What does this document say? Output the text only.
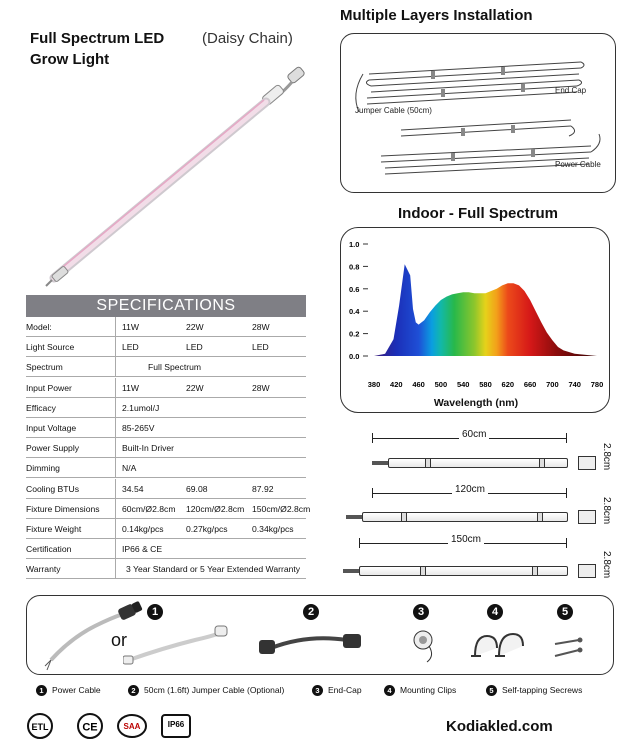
Full Spectrum LED
Grow Light
(Daisy Chain)
Multiple Layers Installation
Jumper Cable (50cm)
End Cap
Power Cable
Indoor - Full Spectrum
0.0
0.2
0.4
0.6
0.8
1.0
380 420 460 500 540 580 620 660 700 740 780
Wavelength (nm)
60cm
2.8cm
120cm
2.8cm
150cm
2.8cm
SPECIFICATIONS
Model:	11W	22W	28W
Light Source	LED	LED	LED
Spectrum	Full Spectrum
Input Power	11W	22W	28W
Efficacy	2.1umol/J
Input Voltage	85-265V
Power Supply	Built-In Driver
Dimming	N/A
Cooling BTUs	34.54	69.08	87.92
Fixture Dimensions	60cm/Ø2.8cm 120cm/Ø2.8cm 150cm/Ø2.8cm
Fixture Weight	0.14kg/pcs	0.27kg/pcs	0.34kg/pcs
Certification	IP66 & CE
Warranty	3 Year Standard or 5 Year Extended Warranty
or
1	2	3	4	5
1 Power Cable	2 50cm (1.6ft) Jumper Cable (Optional)	3 End-Cap	4 Mounting Clips	5 Self-tapping Secrews
ETL	CE	SAA	IP66	Kodiakled.com
